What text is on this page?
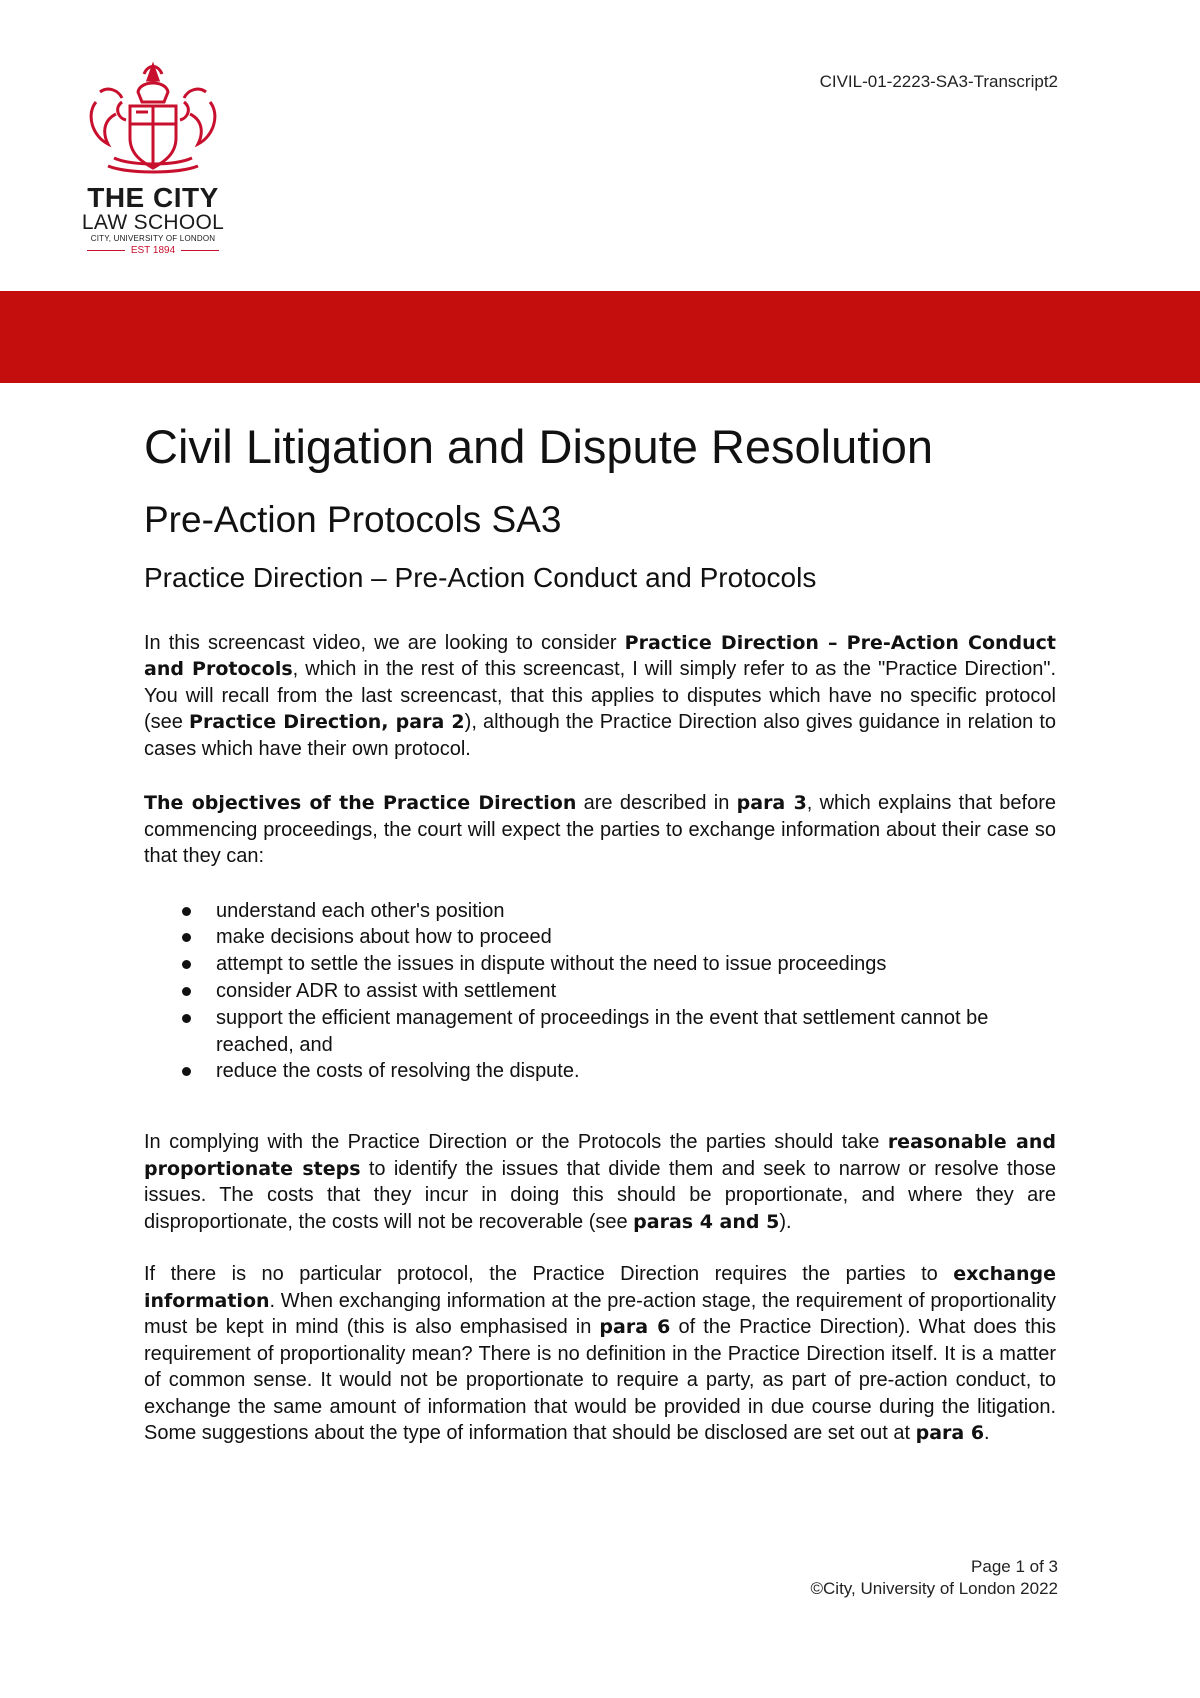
CIVIL-01-2223-SA3-Transcript2
THE CITY
LAW SCHOOL
CITY, UNIVERSITY OF LONDON
EST 1894
Civil Litigation and Dispute Resolution
Pre-Action Protocols SA3
Practice Direction – Pre-Action Conduct and Protocols

In this screencast video, we are looking to consider Practice Direction – Pre-Action Conduct and Protocols, which in the rest of this screencast, I will simply refer to as the "Practice Direction". You will recall from the last screencast, that this applies to disputes which have no specific protocol (see Practice Direction, para 2), although the Practice Direction also gives guidance in relation to cases which have their own protocol.

The objectives of the Practice Direction are described in para 3, which explains that before commencing proceedings, the court will expect the parties to exchange information about their case so that they can:

understand each other's position
make decisions about how to proceed
attempt to settle the issues in dispute without the need to issue proceedings
consider ADR to assist with settlement
support the efficient management of proceedings in the event that settlement cannot be reached, and
reduce the costs of resolving the dispute.

In complying with the Practice Direction or the Protocols the parties should take reasonable and proportionate steps to identify the issues that divide them and seek to narrow or resolve those issues. The costs that they incur in doing this should be proportionate, and where they are disproportionate, the costs will not be recoverable (see paras 4 and 5).

If there is no particular protocol, the Practice Direction requires the parties to exchange information. When exchanging information at the pre-action stage, the requirement of proportionality must be kept in mind (this is also emphasised in para 6 of the Practice Direction). What does this requirement of proportionality mean? There is no definition in the Practice Direction itself. It is a matter of common sense. It would not be proportionate to require a party, as part of pre-action conduct, to exchange the same amount of information that would be provided in due course during the litigation. Some suggestions about the type of information that should be disclosed are set out at para 6.

Page 1 of 3
©City, University of London 2022
